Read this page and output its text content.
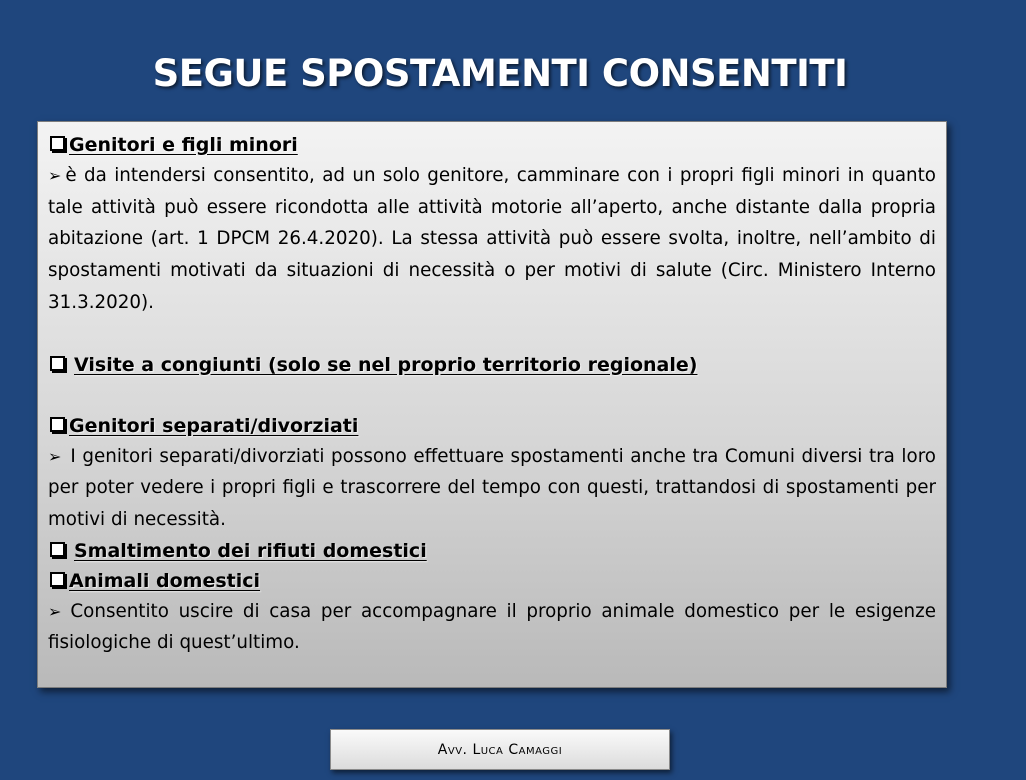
SEGUE SPOSTAMENTI CONSENTITI
Genitori e figli minori

➢ è da intendersi consentito, ad un solo genitore, camminare con i propri figli minori in quanto tale attività può essere ricondotta alle attività motorie all’aperto, anche distante dalla propria abitazione (art. 1 DPCM 26.4.2020). La stessa attività può essere svolta, inoltre, nell’ambito di spostamenti motivati da situazioni di necessità o per motivi di salute (Circ. Ministero Interno 31.3.2020).

Visite a congiunti (solo se nel proprio territorio regionale)
Genitori separati/divorziati

➢ I genitori separati/divorziati possono effettuare spostamenti anche tra Comuni diversi tra loro per poter vedere i propri figli e trascorrere del tempo con questi, trattandosi di spostamenti per motivi di necessità.

Smaltimento dei rifiuti domestici
Animali domestici

➢ Consentito uscire di casa per accompagnare il proprio animale domestico per le esigenze fisiologiche di quest’ultimo.

Avv. Luca Camaggi
